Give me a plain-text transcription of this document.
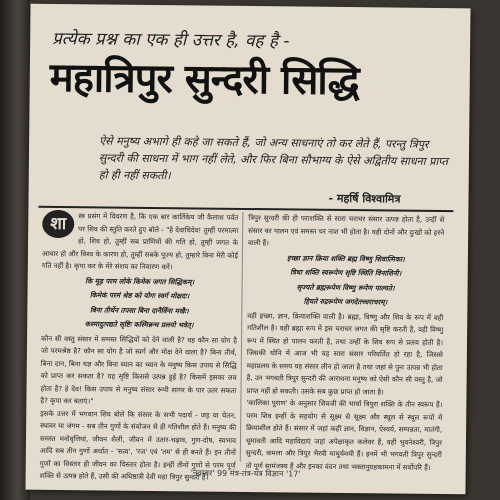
प्रत्येक प्रश्न का एक ही उत्तर है, वह है -
महात्रिपुर सुन्दरी सिद्धि
ऐसे मनुष्य अभागे ही कहे जा सकते हैं, जो अन्य साधनाएं तो कर लेते हैं, परन्तु त्रिपुर सुन्दरी की साधना में भाग नहीं लेते, और फिर बिना सौभाग्य के ऐसे अद्वितीय साधना प्राप्त हो ही नहीं सकती।
- महर्षि विश्वामित्र
शा	स्त्र प्रसंग में विवरण है, कि एक बार कार्तिकेय जी कैलाश पर्वत पर शिव की स्तुति करते हुए बोले - "हे देवाधिदेव! तुम्हीं परमात्मा हो, शिव हो, तुम्हीं सब प्राणियों की गति हो, तुम्हीं जगत के आधार हो और विश्व के कारण हो, तुम्हीं सबके पूज्य हो, तुम्हारे बिना मेरी कोई गति नहीं है। कृपा कर के मेरे संशय का निवारण करें।

कि मूढ़ परम लोके किमेक जगत सिद्धिकम्।
किमेकं परमं श्रेष्ठ को योगः स्वर्ग मोक्षदः।
बिना तीर्थेन तपसा बिना दानैर्विना मखैः।
कस्मादुत्पद्यते सृष्टिः कस्मिन्नन्च प्रलयो भवेत्।

कौन सी वस्तु संसार में समस्त सिद्धियों को देने वाली है? वह कौन सा योग है जो परमश्रेष्ठ है? कौन सा योग है जो स्वर्ग और मोक्ष देने वाला है? बिना तीर्थ, बिना दान, बिना यज्ञ और बिना ध्यान का ध्यान के मनुष्य किस उपाय से सिद्धि को प्राप्त कर सकता है? यह सृष्टि किससे उत्पन्न हुई है? किसमें इसका लय होता है? हे देव! किस उपाय से मनुष्य संसार रूपी सागर के पार उतर सकता है? कृपा कर बताएं।"

इसके उत्तर में भगवान शिव बोले कि संसार के सभी पदार्थ - जड़ या चेतन, स्थावर या जंगम - सब तीन गुणों के संयोजन से ही गतिशील होते हैं। मनुष्य की समस्त मनोवृत्तियां, जीवन शैली, जीवन में उतार-चढ़ाव, गुण-दोष, स्वभाव आदि सब तीन गुणों अर्थात - 'सत्व', 'रज' एवं 'तम' से ही बनते हैं। इन तीनों गुणों का विस्तार ही जीवन का विस्तार होता है। इन्हीं तीनों गुणों से परम पूर्ण शक्ति से उत्पन्न होते हैं, उसी की अधिष्ठात्री देवी महा त्रिपुर सुन्दरी हैं।

त्रिपुर सुन्दरी की ही पराशक्ति से सारा चराचर संसार उत्पन्न होता है, उन्हीं से संसार का पालन एवं समस्त चर नाश भी होता है। वही दोनों और दुःखों को हरने वाली हैं।

इच्छा ज्ञान क्रिया शक्ति ब्रह्म विष्णु शिवात्मिका।
त्रिधा शक्ति स्वरूपेण सृष्टि स्थिति विनाशिनी।
सृज्यते ब्रह्मरूपेण विष्णु रूपेण पाल्यते।
हियते रुद्ररूपेण जगदेतच्चराचरम्।

वही इच्छा, ज्ञान, क्रियाशक्ति वाली है। ब्रह्मा, विष्णु और शिव के रूप में वही गतिशील है। वही ब्रह्मा रूप में इस चराचर जगत की सृष्टि करती है, वही विष्णु रूप में स्थित हो पालन करती है, तथा उन्हीं के शिव रूप से प्रलय होती है। जिसकी योनि में आज भी यह सारा संसार परिवर्तित हो रहा है, जिससे महाप्रलय के समय यह संसार लीन हो जाता है तथा जहां से पुनः उत्पन्न भी होता है, उन भगवती त्रिपुर सुन्दरी की आराधना मनुष्य को ऐसी कौन सी वस्तु है, जो प्राप्त नहीं हो सकती। उसके सब कुछ प्राप्त हो जाता है।

'कालिका पुराण' के अनुसार शिवजी की भार्या त्रिपुरा शक्ति के तीन स्वरूप हैं। परम शिव इन्हीं के सहयोग से सूक्ष्म से सूक्ष्म और स्थूल से स्थूल रूपों में क्रियाशील होते हैं। संसार में जहां कहीं ज्ञान, विज्ञान, ऐश्वर्य, सम्पन्नता, मातंगी, धूमावती आदि महाविद्याएं जहां अपेक्षाकृत कलेवर हैं, वहीं भुवनेश्वरी, त्रिपुर सुन्दरी, कमला और त्रिपुर भैरवी माधुर्यमयी हैं। इनमें भी भगवती त्रिपुर सुन्दरी तो पूर्ण सामंजस्य हैं और इनका वंदन तथा भक्तानुग्रहकामना में सर्वोपरि हैं।

'नवम्बर' 99 मंत्र-तंत्र-यंत्र विज्ञान '17'
